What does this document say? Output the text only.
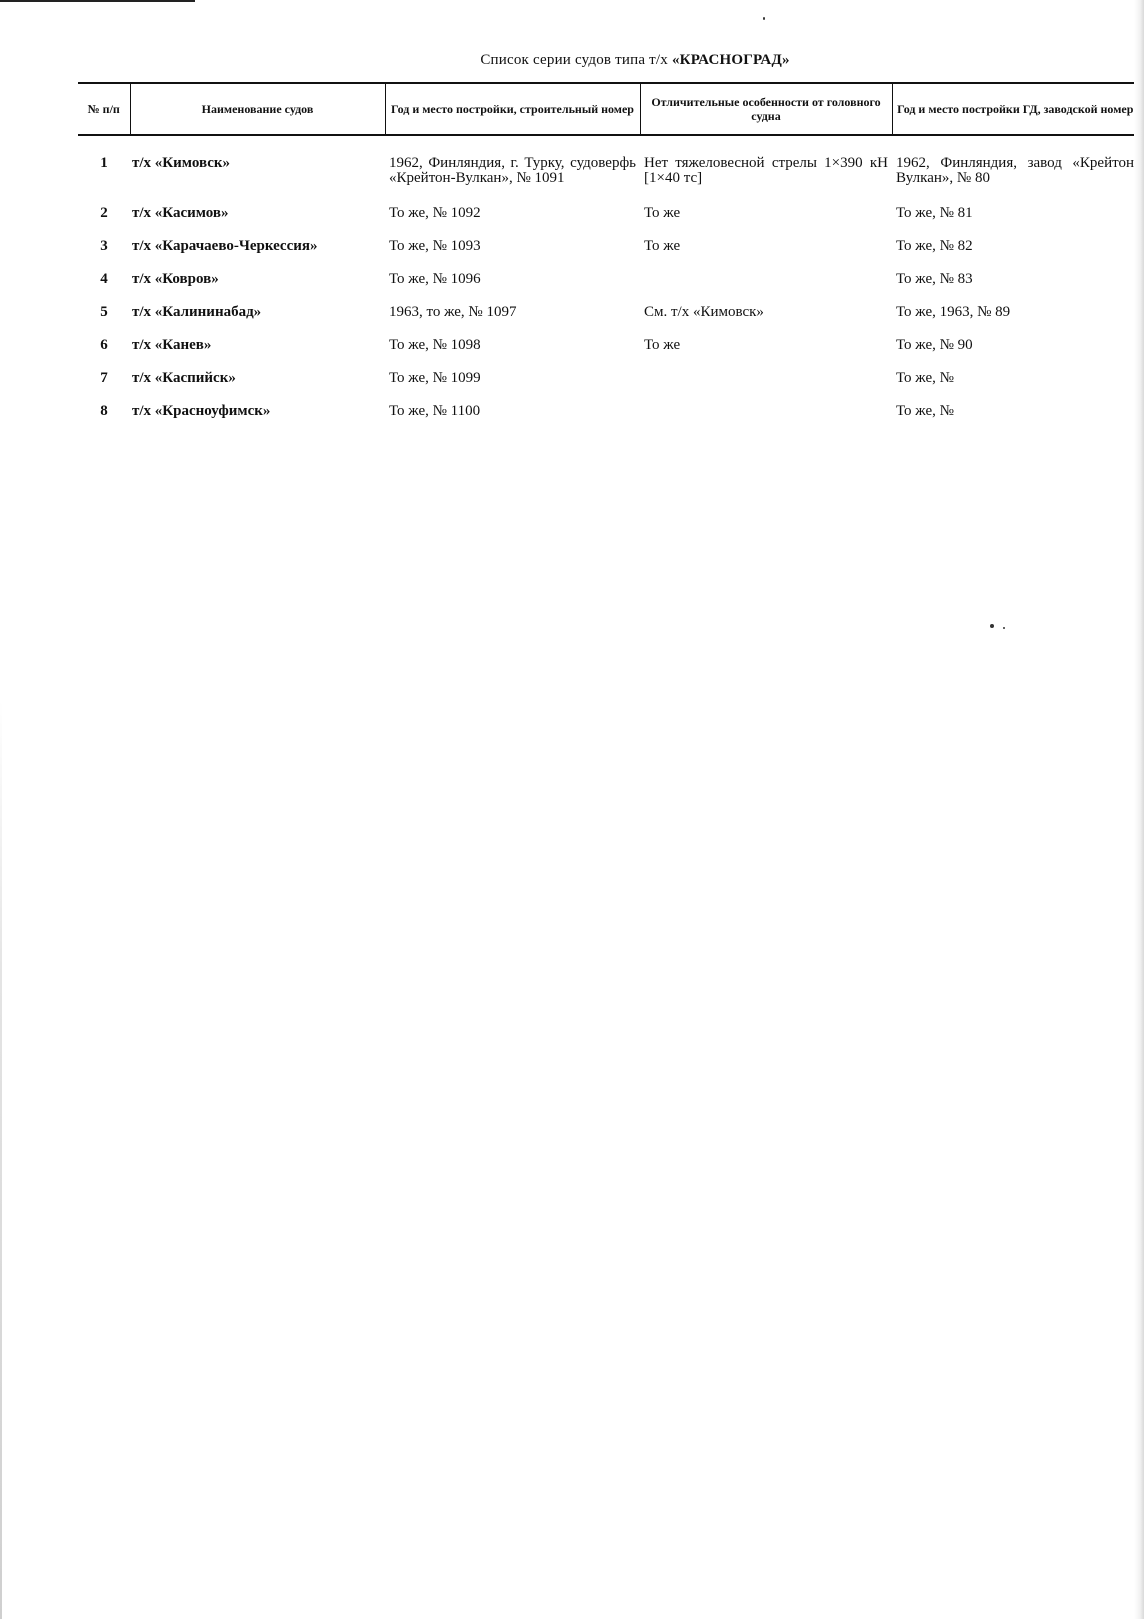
Список серии судов типа т/х «КРАСНОГРАД»
№ п/п	Наименование судов	Год и место постройки, строительный номер	Отличительные особенности от головного судна	Год и место постройки ГД, заводской номер
1	т/х «Кимовск»	1962, Финляндия, г. Турку, судоверфь «Крейтон-Вулкан», № 1091	Нет тяжеловесной стрелы 1×390 кН [1×40 тс]	1962, Финляндия, завод «Крейтон Вулкан», № 80
2	т/х «Касимов»	То же, № 1092	То же	То же, № 81
3	т/х «Карачаево-Черкессия»	То же, № 1093	То же	То же, № 82
4	т/х «Ковров»	То же, № 1096		То же, № 83
5	т/х «Калининабад»	1963, то же, № 1097	См. т/х «Кимовск»	То же, 1963, № 89
6	т/х «Канев»	То же, № 1098	То же	То же, № 90
7	т/х «Каспийск»	То же, № 1099		То же, №
8	т/х «Красноуфимск»	То же, № 1100		То же, №
